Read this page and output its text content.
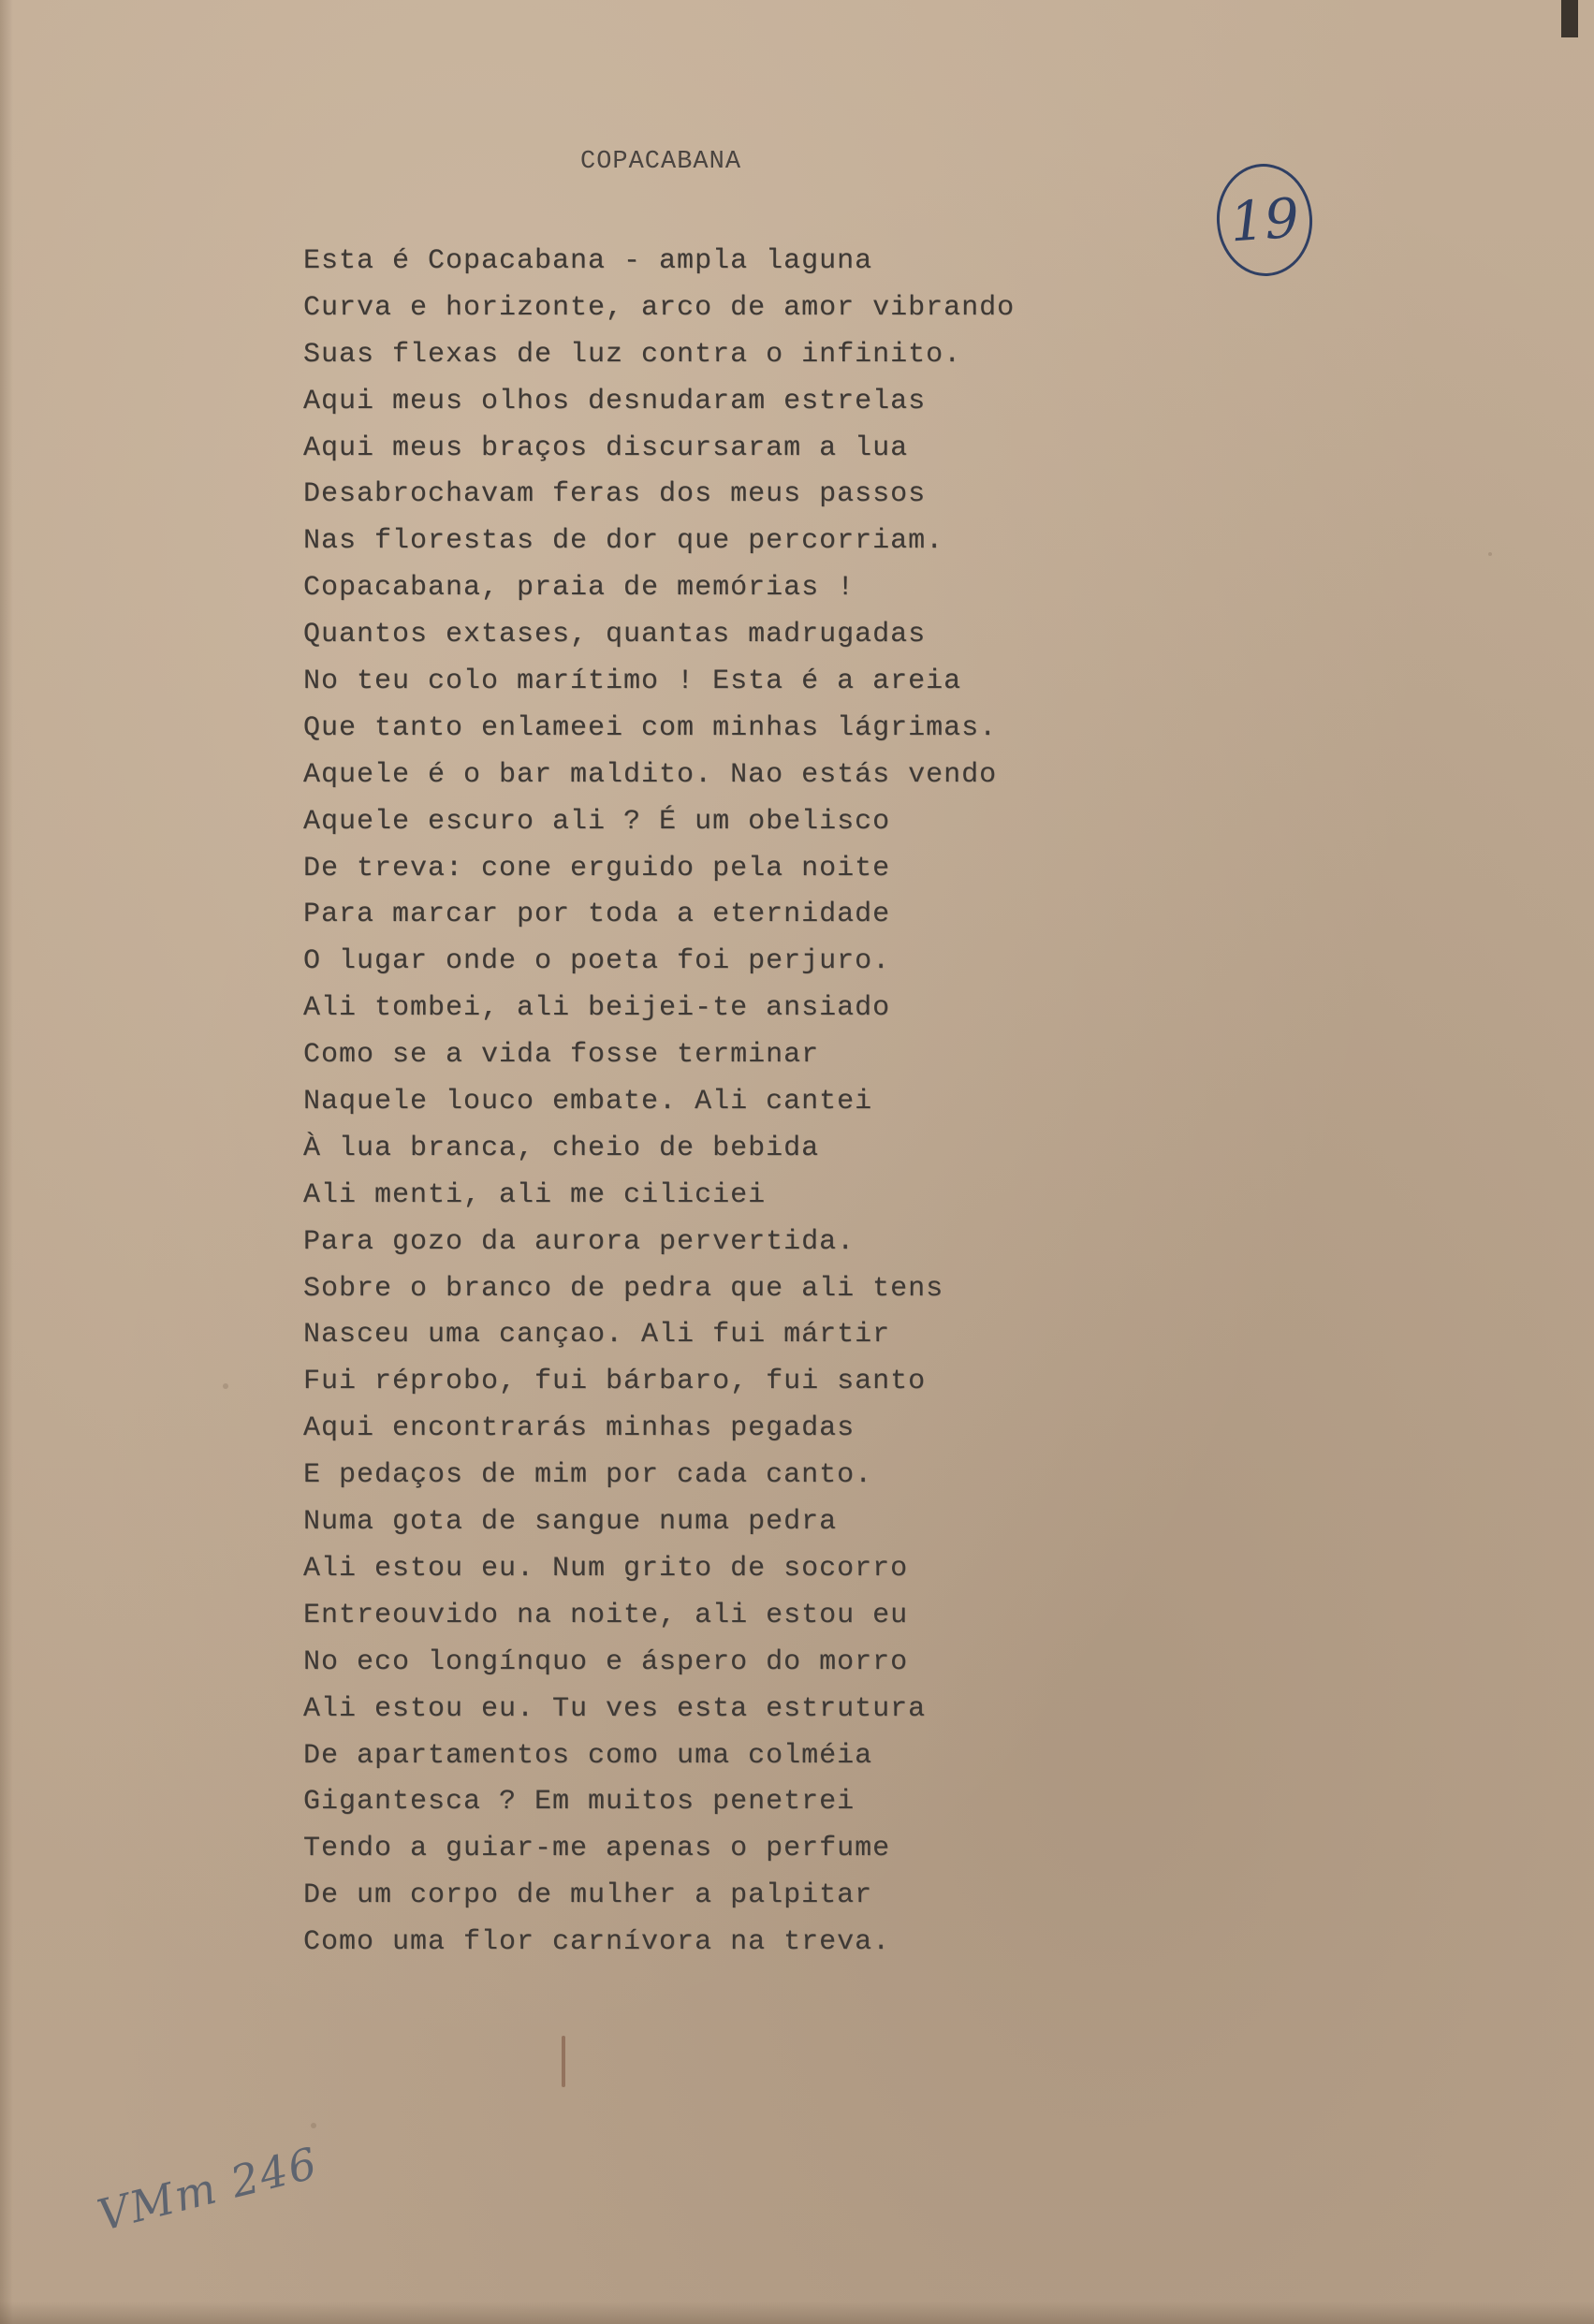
COPACABANA
19
Esta é Copacabana - ampla laguna
Curva e horizonte, arco de amor vibrando
Suas flexas de luz contra o infinito.
Aqui meus olhos desnudaram estrelas
Aqui meus braços discursaram a lua
Desabrochavam feras dos meus passos
Nas florestas de dor que percorriam.
Copacabana, praia de memórias !
Quantos extases, quantas madrugadas
No teu colo marítimo ! Esta é a areia
Que tanto enlameei com minhas lágrimas.
Aquele é o bar maldito. Nao estás vendo
Aquele escuro ali ? É um obelisco
De treva: cone erguido pela noite
Para marcar por toda a eternidade
O lugar onde o poeta foi perjuro.
Ali tombei, ali beijei-te ansiado
Como se a vida fosse terminar
Naquele louco embate. Ali cantei
À lua branca, cheio de bebida
Ali menti, ali me ciliciei
Para gozo da aurora pervertida.
Sobre o branco de pedra que ali tens
Nasceu uma cançao. Ali fui mártir
Fui réprobo, fui bárbaro, fui santo
Aqui encontrarás minhas pegadas
E pedaços de mim por cada canto.
Numa gota de sangue numa pedra
Ali estou eu. Num grito de socorro
Entreouvido na noite, ali estou eu
No eco longínquo e áspero do morro
Ali estou eu. Tu ves esta estrutura
De apartamentos como uma colméia
Gigantesca ? Em muitos penetrei
Tendo a guiar-me apenas o perfume
De um corpo de mulher a palpitar
Como uma flor carnívora na treva.
VMm 246
